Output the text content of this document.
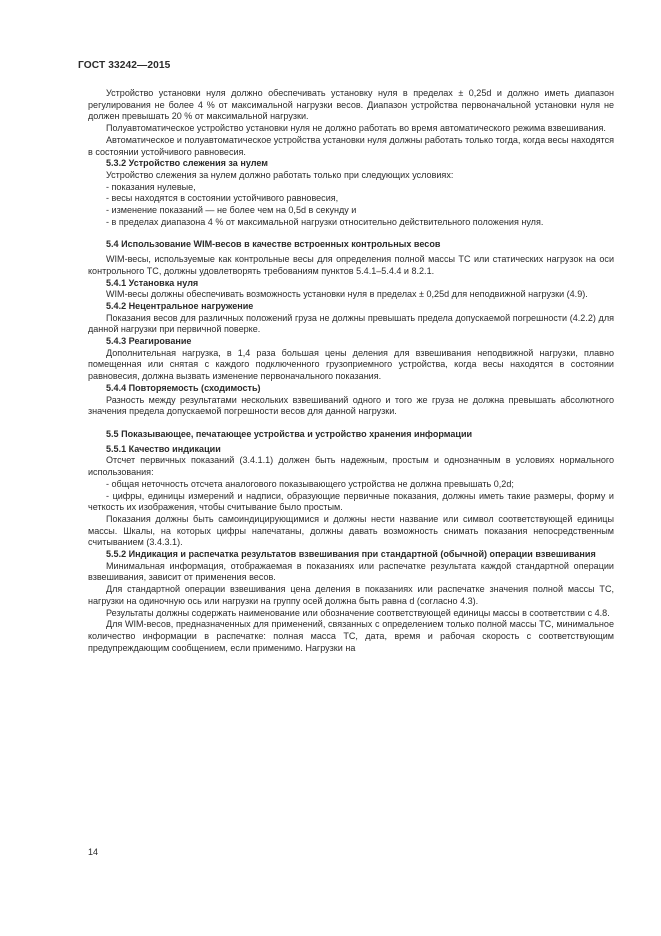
ГОСТ 33242—2015

Устройство установки нуля должно обеспечивать установку нуля в пределах ± 0,25d и должно иметь диапазон регулирования не более 4 % от максимальной нагрузки весов. Диапазон устройства первоначальной установки нуля не должен превышать 20 % от максимальной нагрузки.

Полуавтоматическое устройство установки нуля не должно работать во время автоматического режима взвешивания.

Автоматическое и полуавтоматическое устройства установки нуля должны работать только тогда, когда весы находятся в состоянии устойчивого равновесия.

5.3.2 Устройство слежения за нулем

Устройство слежения за нулем должно работать только при следующих условиях:

- показания нулевые,

- весы находятся в состоянии устойчивого равновесия,

- изменение показаний — не более чем на 0,5d в секунду и

- в пределах диапазона 4 % от максимальной нагрузки относительно действительного положения нуля.

5.4 Использование WIM-весов в качестве встроенных контрольных весов

WIM-весы, используемые как контрольные весы для определения полной массы ТС или статических нагрузок на оси контрольного ТС, должны удовлетворять требованиям пунктов 5.4.1–5.4.4 и 8.2.1.

5.4.1 Установка нуля

WIM-весы должны обеспечивать возможность установки нуля в пределах ± 0,25d для неподвижной нагрузки (4.9).

5.4.2 Нецентральное нагружение

Показания весов для различных положений груза не должны превышать предела допускаемой погрешности (4.2.2) для данной нагрузки при первичной поверке.

5.4.3 Реагирование

Дополнительная нагрузка, в 1,4 раза большая цены деления для взвешивания неподвижной нагрузки, плавно помещенная или снятая с каждого подключенного грузоприемного устройства, когда весы находятся в состоянии равновесия, должна вызвать изменение первоначального показания.

5.4.4 Повторяемость (сходимость)

Разность между результатами нескольких взвешиваний одного и того же груза не должна превышать абсолютного значения предела допускаемой погрешности весов для данной нагрузки.

5.5 Показывающее, печатающее устройства и устройство хранения информации
5.5.1 Качество индикации

Отсчет первичных показаний (3.4.1.1) должен быть надежным, простым и однозначным в условиях нормального использования:

- общая неточность отсчета аналогового показывающего устройства не должна превышать 0,2d;

- цифры, единицы измерений и надписи, образующие первичные показания, должны иметь такие размеры, форму и четкость их изображения, чтобы считывание было простым.

Показания должны быть самоиндицирующимися и должны нести название или символ соответствующей единицы массы. Шкалы, на которых цифры напечатаны, должны давать возможность снимать показания непосредственным считыванием (3.4.3.1).

5.5.2 Индикация и распечатка результатов взвешивания при стандартной (обычной) операции взвешивания

Минимальная информация, отображаемая в показаниях или распечатке результата каждой стандартной операции взвешивания, зависит от применения весов.

Для стандартной операции взвешивания цена деления в показаниях или распечатке значения полной массы ТС, нагрузки на одиночную ось или нагрузки на группу осей должна быть равна d (согласно 4.3).

Результаты должны содержать наименование или обозначение соответствующей единицы массы в соответствии с 4.8.

Для WIM-весов, предназначенных для применений, связанных с определением только полной массы ТС, минимальное количество информации в распечатке: полная масса ТС, дата, время и рабочая скорость с соответствующим предупреждающим сообщением, если применимо. Нагрузки на

14
